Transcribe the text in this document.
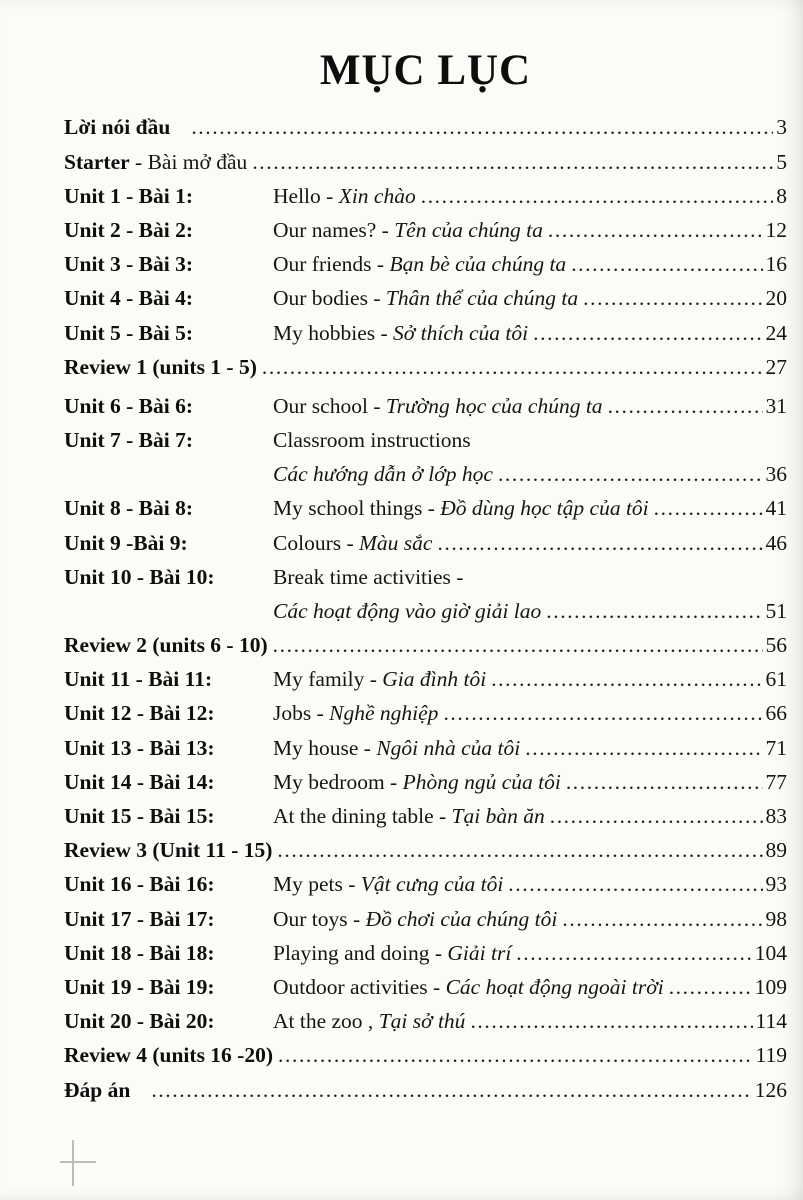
MỤC LỤC
Lời nói đầu .....	3
Starter - Bài mở đầu .....	5
​ Unit 1 - Bài 1:	Hello - Xin chào .....	8
​ Unit 2 - Bài 2:	Our names? - Tên của chúng ta .....	12
​ Unit 3 - Bài 3:	Our friends - Bạn bè của chúng ta .....	16
​ Unit 4 - Bài 4:	Our bodies - Thân thể của chúng ta .....	20
​ Unit 5 - Bài 5:	My hobbies - Sở thích của tôi .....	24
Review 1 (units 1 - 5) .....	27
​ Unit 6 - Bài 6:	Our school - Trường học của chúng ta .....	31
​ Unit 7 - Bài 7:	Classroom instructions
​
Các hướng dẫn ở lớp học .....	36
​ Unit 8 - Bài 8:	My school things - Đồ dùng học tập của tôi .....	41
​ Unit 9 -Bài 9:	Colours - Màu sắc .....	46
​ Unit 10 - Bài 10:	Break time activities -
​
Các hoạt động vào giờ giải lao .....	51
Review 2 (units 6 - 10) .....	56
​ Unit 11 - Bài 11:	My family - Gia đình tôi .....	61
​ Unit 12 - Bài 12:	Jobs - Nghề nghiệp .....	66
​ Unit 13 - Bài 13:	My house - Ngôi nhà của tôi .....	71
​ Unit 14 - Bài 14:	My bedroom - Phòng ngủ của tôi .....	77
​ Unit 15 - Bài 15:	At the dining table - Tại bàn ăn .....	83
Review 3 (Unit 11 - 15) .....	89
​ Unit 16 - Bài 16:	My pets - Vật cưng của tôi .....	93
​ Unit 17 - Bài 17:	Our toys - Đồ chơi của chúng tôi .....	98
​ Unit 18 - Bài 18:	Playing and doing - Giải trí .....	104
​ Unit 19 - Bài 19:	Outdoor activities - Các hoạt động ngoài trời .....	109
​ Unit 20 - Bài 20:	At the zoo , Tại sở thú .....	114
Review 4 (units 16 -20) .....	119
Đáp án .....	126
